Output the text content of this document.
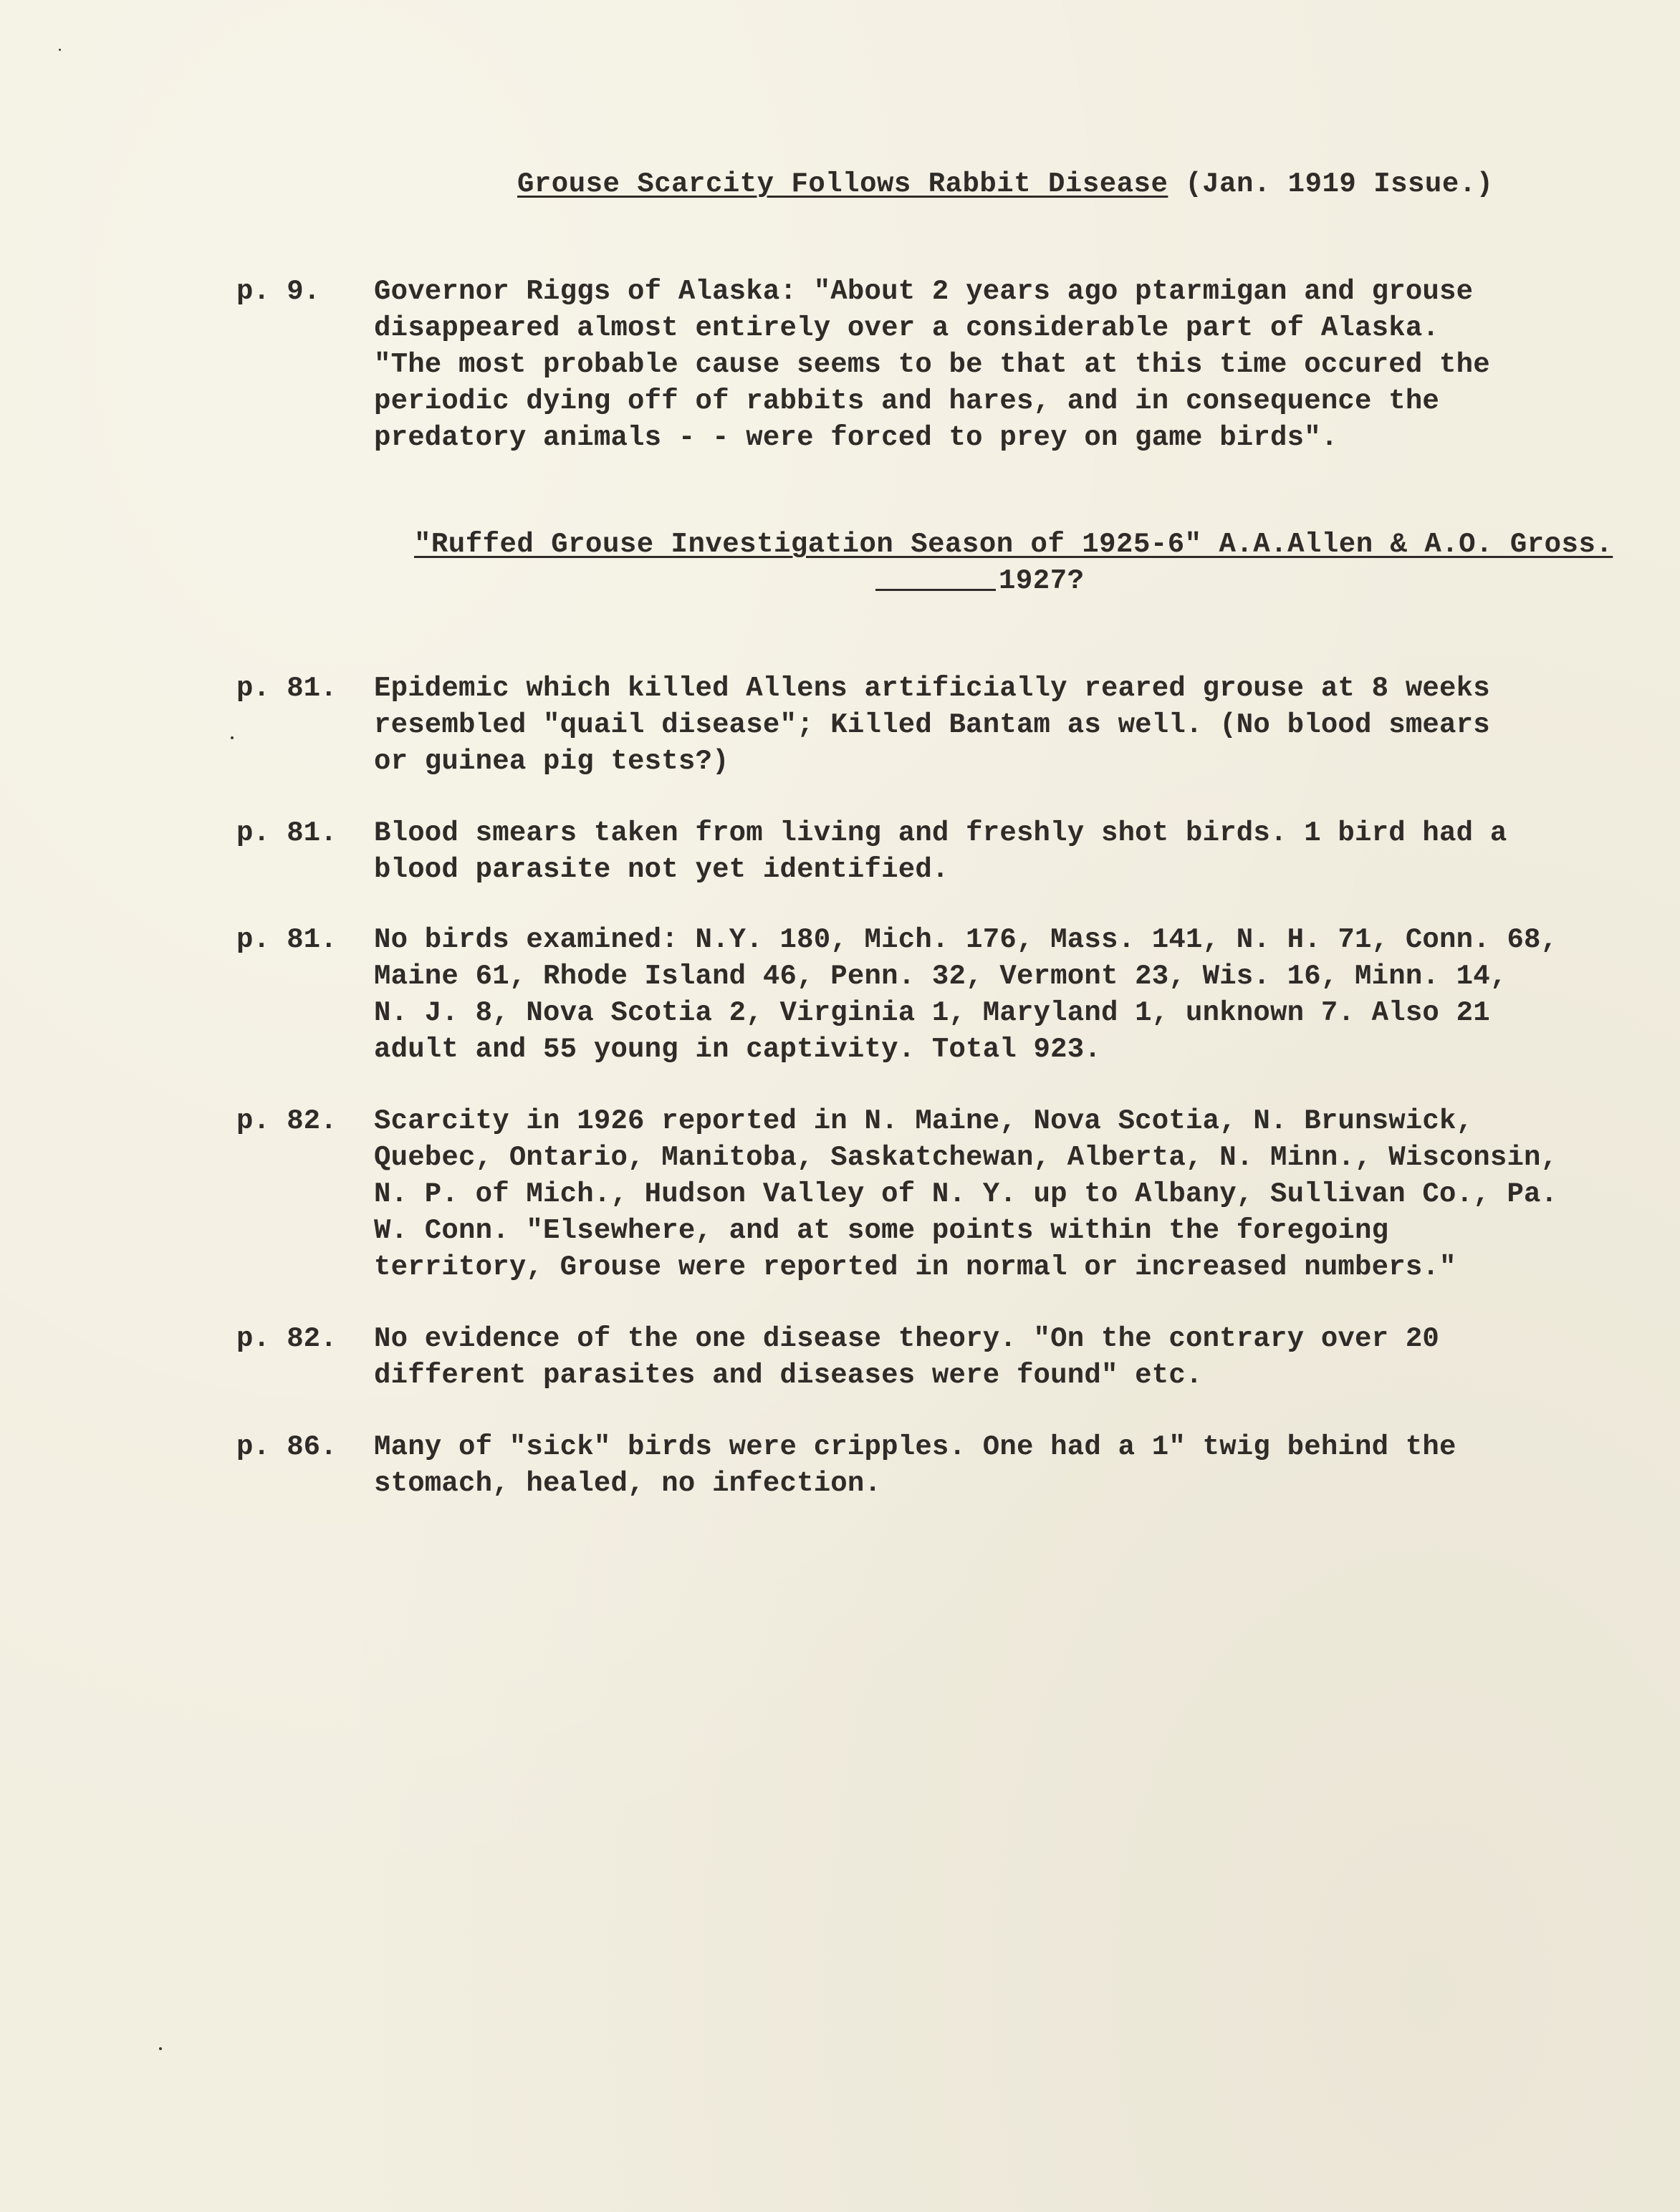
Grouse Scarcity Follows Rabbit Disease (Jan. 1919 Issue.)
p. 9. Governor Riggs of Alaska: "About 2 years ago ptarmigan and grouse
disappeared almost entirely over a considerable part of Alaska.
"The most probable cause seems to be that at this time occured the
periodic dying off of rabbits and hares, and in consequence the
predatory animals - - were forced to prey on game birds".
"Ruffed Grouse Investigation Season of 1925-6" A.A.Allen & A.O. Gross.
1927?
p. 81. Epidemic which killed Allens artificially reared grouse at 8 weeks
resembled "quail disease"; Killed Bantam as well. (No blood smears
or guinea pig tests?)
p. 81. Blood smears taken from living and freshly shot birds. 1 bird had a
blood parasite not yet identified.
p. 81. No birds examined: N.Y. 180, Mich. 176, Mass. 141, N. H. 71, Conn. 68,
Maine 61, Rhode Island 46, Penn. 32, Vermont 23, Wis. 16, Minn. 14,
N. J. 8, Nova Scotia 2, Virginia 1, Maryland 1, unknown 7. Also 21
adult and 55 young in captivity. Total 923.
p. 82. Scarcity in 1926 reported in N. Maine, Nova Scotia, N. Brunswick,
Quebec, Ontario, Manitoba, Saskatchewan, Alberta, N. Minn., Wisconsin,
N. P. of Mich., Hudson Valley of N. Y. up to Albany, Sullivan Co., Pa.
W. Conn. "Elsewhere, and at some points within the foregoing
territory, Grouse were reported in normal or increased numbers."
p. 82. No evidence of the one disease theory. "On the contrary over 20
different parasites and diseases were found" etc.
p. 86. Many of "sick" birds were cripples. One had a 1" twig behind the
stomach, healed, no infection.
